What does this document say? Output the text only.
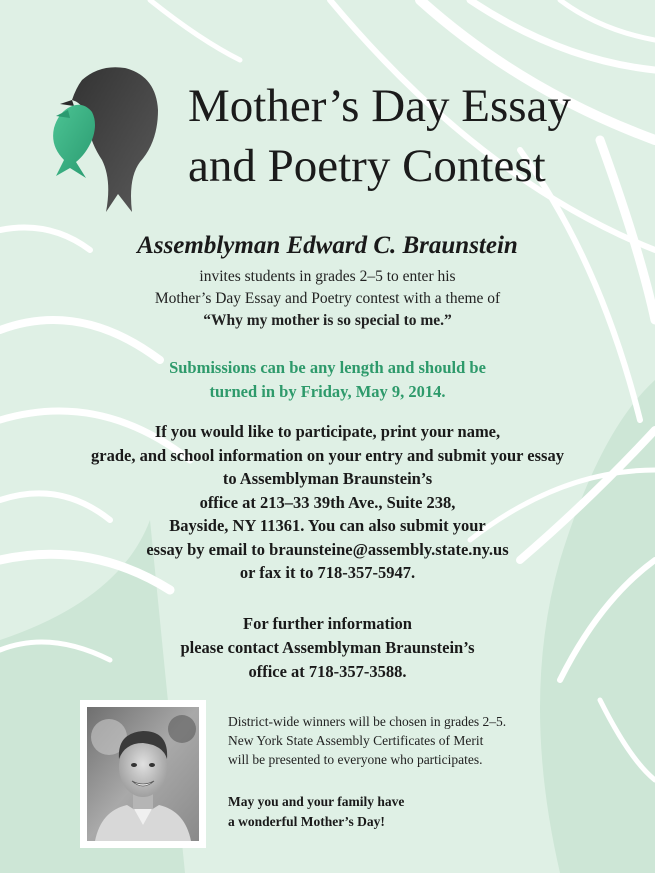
Mother’s Day Essay
and Poetry Contest
Assemblyman Edward C. Braunstein
invites students in grades 2–5 to enter his
Mother’s Day Essay and Poetry contest with a theme of
“Why my mother is so special to me.”
Submissions can be any length and should be
turned in by Friday, May 9, 2014.
If you would like to participate, print your name,
grade, and school information on your entry and submit your essay
to Assemblyman Braunstein’s
office at 213–33 39th Ave., Suite 238,
Bayside, NY 11361. You can also submit your
essay by email to braunsteine@assembly.state.ny.us
or fax it to 718-357-5947.
For further information
please contact Assemblyman Braunstein’s
office at 718-357-3588.
District-wide winners will be chosen in grades 2–5.
New York State Assembly Certificates of Merit
will be presented to everyone who participates.
May you and your family have
a wonderful Mother’s Day!
